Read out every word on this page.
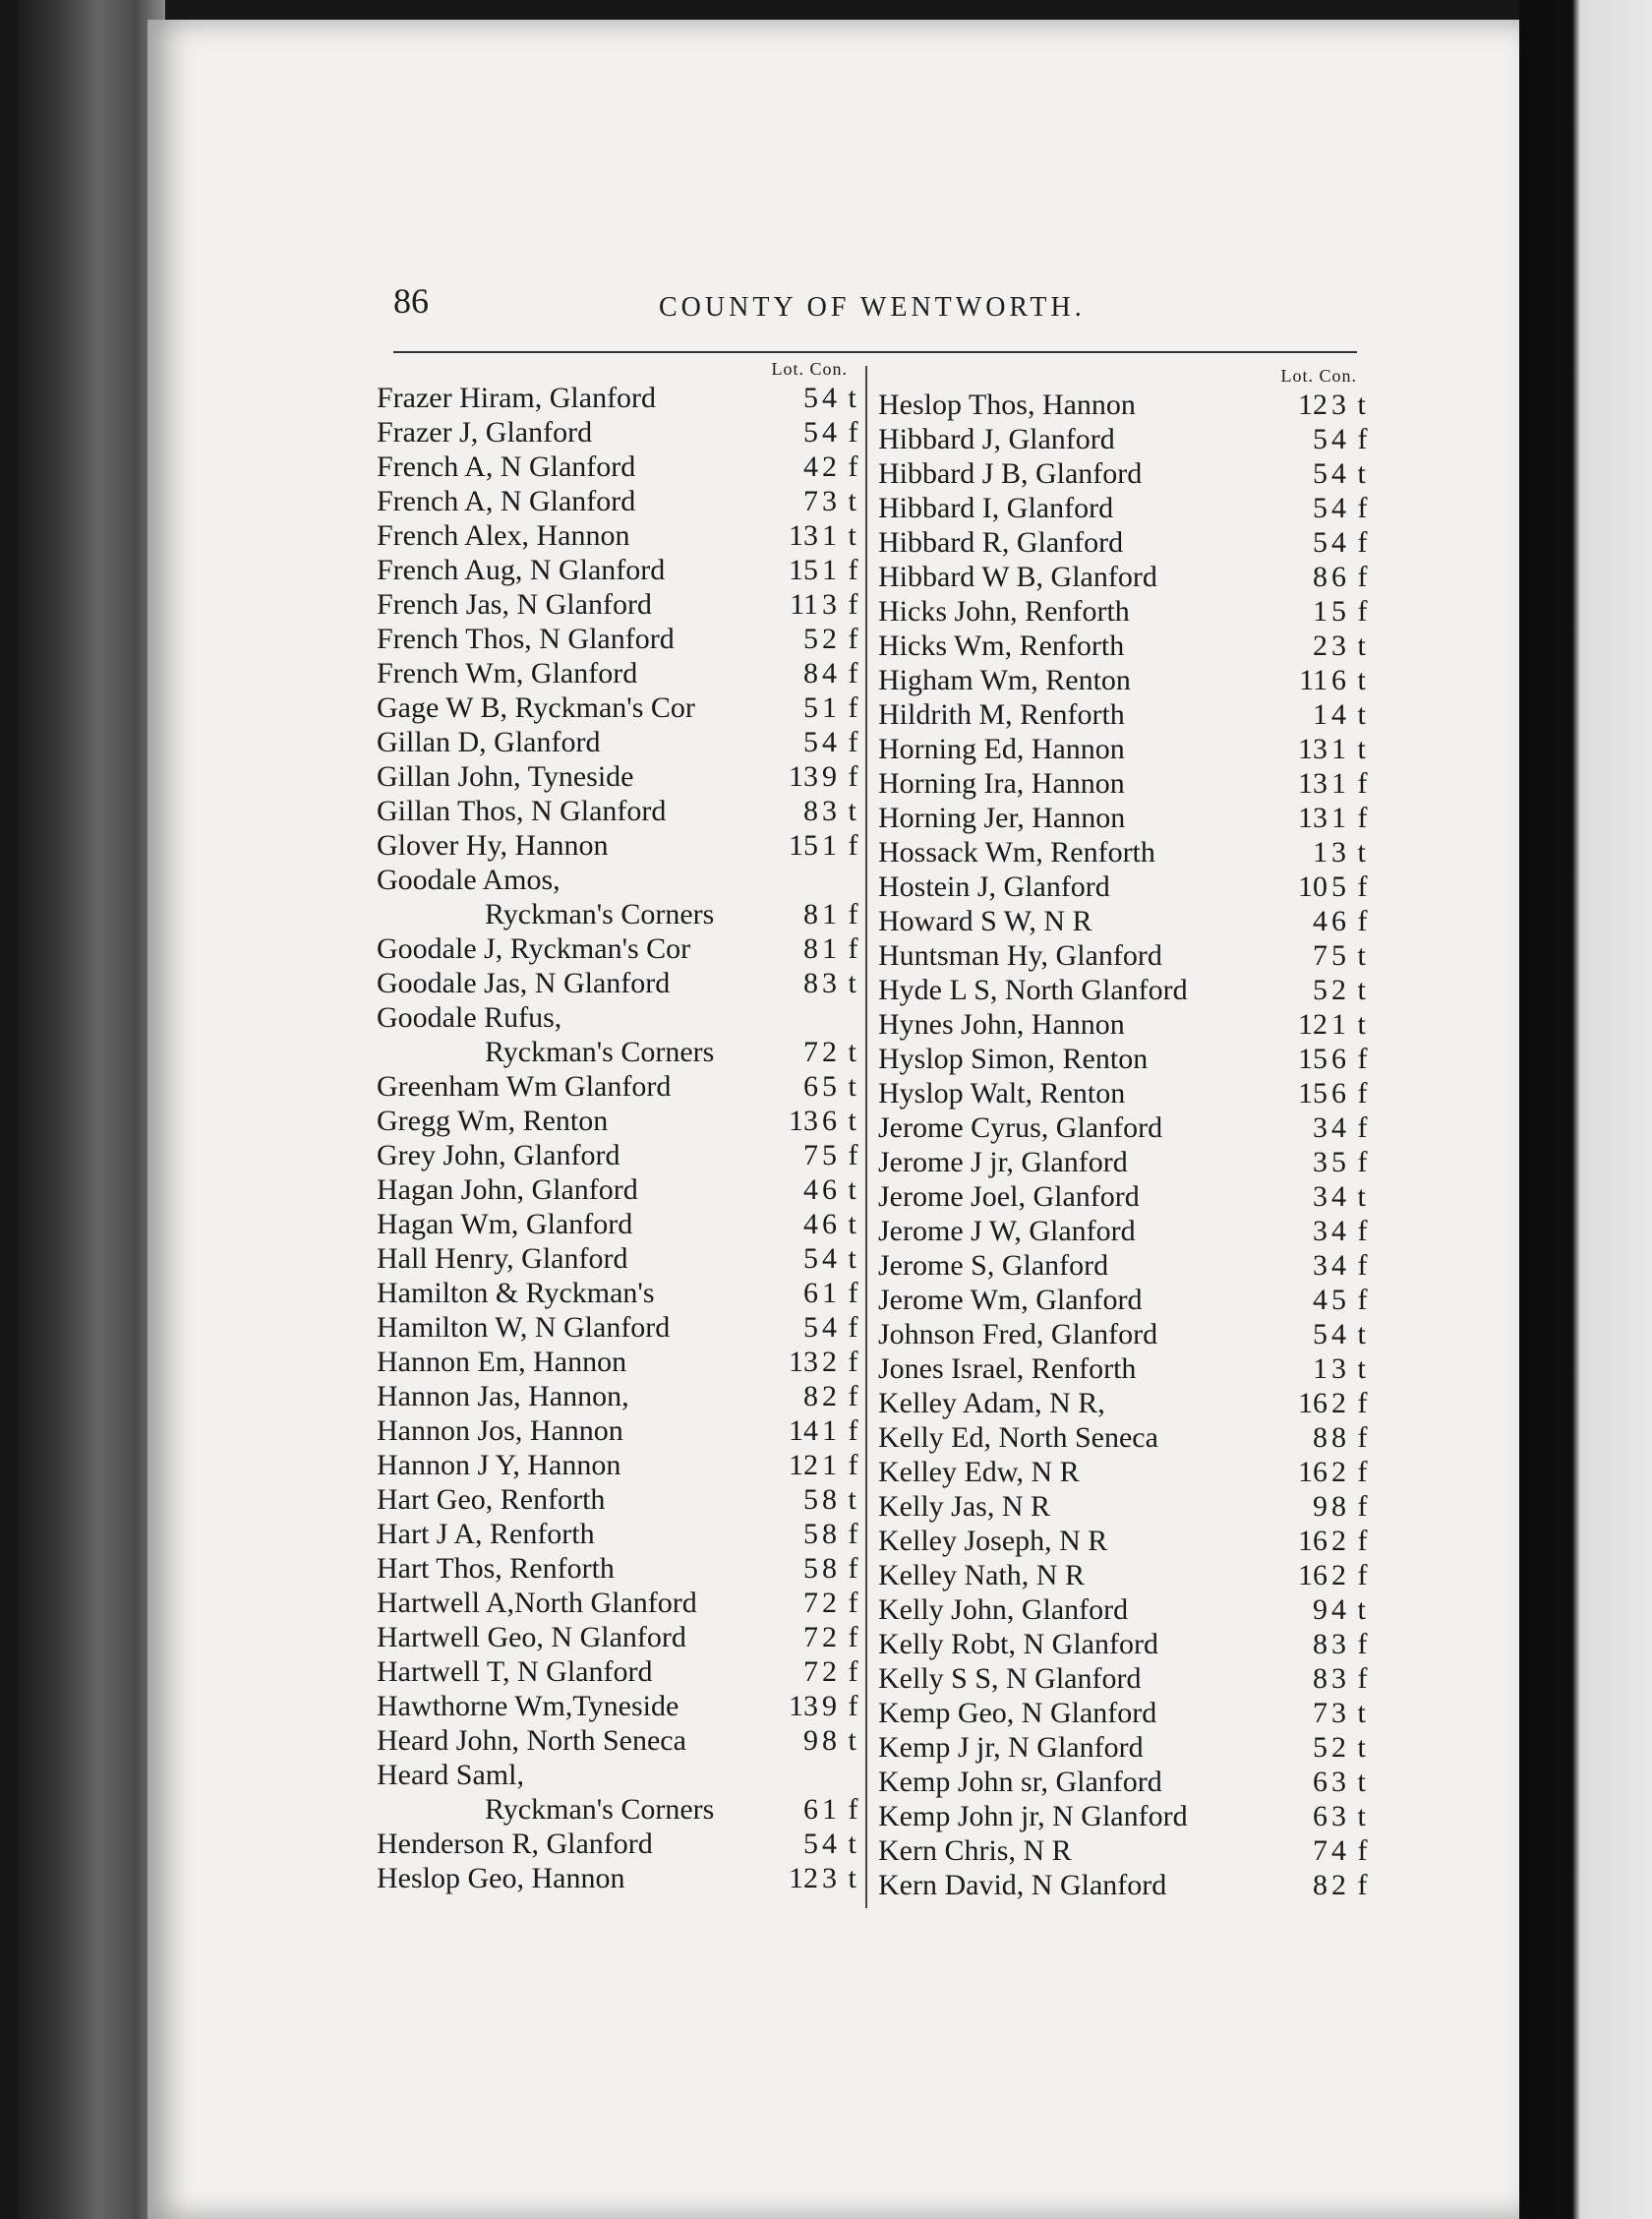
86	COUNTY OF WENTWORTH.
Lot. Con.
Frazer Hiram, Glanford	5 4 t
Frazer J, Glanford	5 4 f
French A, N Glanford	4 2 f
French A, N Glanford	7 3 t
French Alex, Hannon	13 1 t
French Aug, N Glanford	15 1 f
French Jas, N Glanford	11 3 f
French Thos, N Glanford	5 2 f
French Wm, Glanford	8 4 f
Gage W B, Ryckman's Cor	5 1 f
Gillan D, Glanford	5 4 f
Gillan John, Tyneside	13 9 f
Gillan Thos, N Glanford	8 3 t
Glover Hy, Hannon	15 1 f
Goodale Amos,
Ryckman's Corners	8 1 f
Goodale J, Ryckman's Cor	8 1 f
Goodale Jas, N Glanford	8 3 t
Goodale Rufus,
Ryckman's Corners	7 2 t
Greenham Wm Glanford	6 5 t
Gregg Wm, Renton	13 6 t
Grey John, Glanford	7 5 f
Hagan John, Glanford	4 6 t
Hagan Wm, Glanford	4 6 t
Hall Henry, Glanford	5 4 t
Hamilton & Ryckman's	6 1 f
Hamilton W, N Glanford	5 4 f
Hannon Em, Hannon	13 2 f
Hannon Jas, Hannon,	8 2 f
Hannon Jos, Hannon	14 1 f
Hannon J Y, Hannon	12 1 f
Hart Geo, Renforth	5 8 t
Hart J A, Renforth	5 8 f
Hart Thos, Renforth	5 8 f
Hartwell A,North Glanford	7 2 f
Hartwell Geo, N Glanford	7 2 f
Hartwell T, N Glanford	7 2 f
Hawthorne Wm,Tyneside	13 9 f
Heard John, North Seneca	9 8 t
Heard Saml,
Ryckman's Corners	6 1 f
Henderson R, Glanford	5 4 t
Heslop Geo, Hannon	12 3 t
Lot. Con.
Heslop Thos, Hannon	12 3 t
Hibbard J, Glanford	5 4 f
Hibbard J B, Glanford	5 4 t
Hibbard I, Glanford	5 4 f
Hibbard R, Glanford	5 4 f
Hibbard W B, Glanford	8 6 f
Hicks John, Renforth	1 5 f
Hicks Wm, Renforth	2 3 t
Higham Wm, Renton	11 6 t
Hildrith M, Renforth	1 4 t
Horning Ed, Hannon	13 1 t
Horning Ira, Hannon	13 1 f
Horning Jer, Hannon	13 1 f
Hossack Wm, Renforth	1 3 t
Hostein J, Glanford	10 5 f
Howard S W, N R	4 6 f
Huntsman Hy, Glanford	7 5 t
Hyde L S, North Glanford	5 2 t
Hynes John, Hannon	12 1 t
Hyslop Simon, Renton	15 6 f
Hyslop Walt, Renton	15 6 f
Jerome Cyrus, Glanford	3 4 f
Jerome J jr, Glanford	3 5 f
Jerome Joel, Glanford	3 4 t
Jerome J W, Glanford	3 4 f
Jerome S, Glanford	3 4 f
Jerome Wm, Glanford	4 5 f
Johnson Fred, Glanford	5 4 t
Jones Israel, Renforth	1 3 t
Kelley Adam, N R,	16 2 f
Kelly Ed, North Seneca	8 8 f
Kelley Edw, N R	16 2 f
Kelly Jas, N R	9 8 f
Kelley Joseph, N R	16 2 f
Kelley Nath, N R	16 2 f
Kelly John, Glanford	9 4 t
Kelly Robt, N Glanford	8 3 f
Kelly S S, N Glanford	8 3 f
Kemp Geo, N Glanford	7 3 t
Kemp J jr, N Glanford	5 2 t
Kemp John sr, Glanford	6 3 t
Kemp John jr, N Glanford	6 3 t
Kern Chris, N R	7 4 f
Kern David, N Glanford	8 2 f
